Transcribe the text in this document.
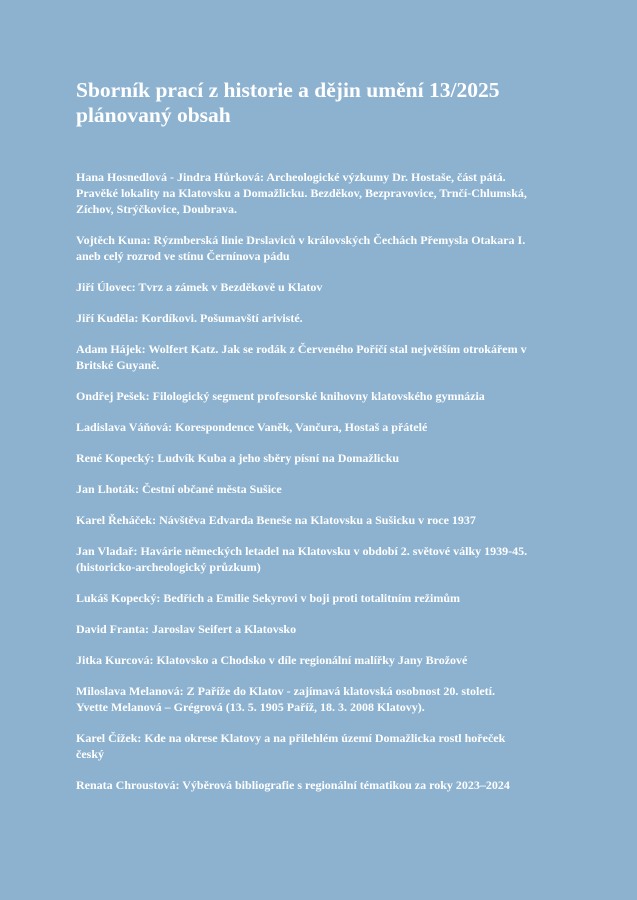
Sborník prací z historie a dějin umění 13/2025
plánovaný obsah
Hana Hosnedlová - Jindra Hůrková: Archeologické výzkumy Dr. Hostaše, část pátá.
Pravěké lokality na Klatovsku a Domažlicku. Bezděkov, Bezpravovice, Trnčí-Chlumská,
Zíchov, Strýčkovice, Doubrava.
Vojtěch Kuna: Rýzmberská linie Drslaviců v královských Čechách Přemysla Otakara I.
aneb celý rozrod ve stínu Černínova pádu
Jiří Úlovec: Tvrz a zámek v Bezděkově u Klatov
Jiří Kuděla: Kordíkovi. Pošumavští arivisté.
Adam Hájek: Wolfert Katz. Jak se rodák z Červeného Poříčí stal největším otrokářem v
Britské Guyaně.
Ondřej Pešek: Filologický segment profesorské knihovny klatovského gymnázia
Ladislava Váňová: Korespondence Vaněk, Vančura, Hostaš a přátelé
René Kopecký: Ludvík Kuba a jeho sběry písní na Domažlicku
Jan Lhoták: Čestní občané města Sušice
Karel Řeháček: Návštěva Edvarda Beneše na Klatovsku a Sušicku v roce 1937
Jan Vladař: Havárie německých letadel na Klatovsku v období 2. světové války 1939-45.
(historicko-archeologický průzkum)
Lukáš Kopecký: Bedřich a Emilie Sekyrovi v boji proti totalitním režimům
David Franta: Jaroslav Seifert a Klatovsko
Jitka Kurcová: Klatovsko a Chodsko v díle regionální malířky Jany Brožové
Miloslava Melanová: Z Paříže do Klatov - zajímavá klatovská osobnost 20. století.
Yvette Melanová – Grégrová (13. 5. 1905 Paříž, 18. 3. 2008 Klatovy).
Karel Čížek: Kde na okrese Klatovy a na přilehlém území Domažlicka rostl hořeček
český
Renata Chroustová: Výběrová bibliografie s regionální tématikou za roky 2023–2024
